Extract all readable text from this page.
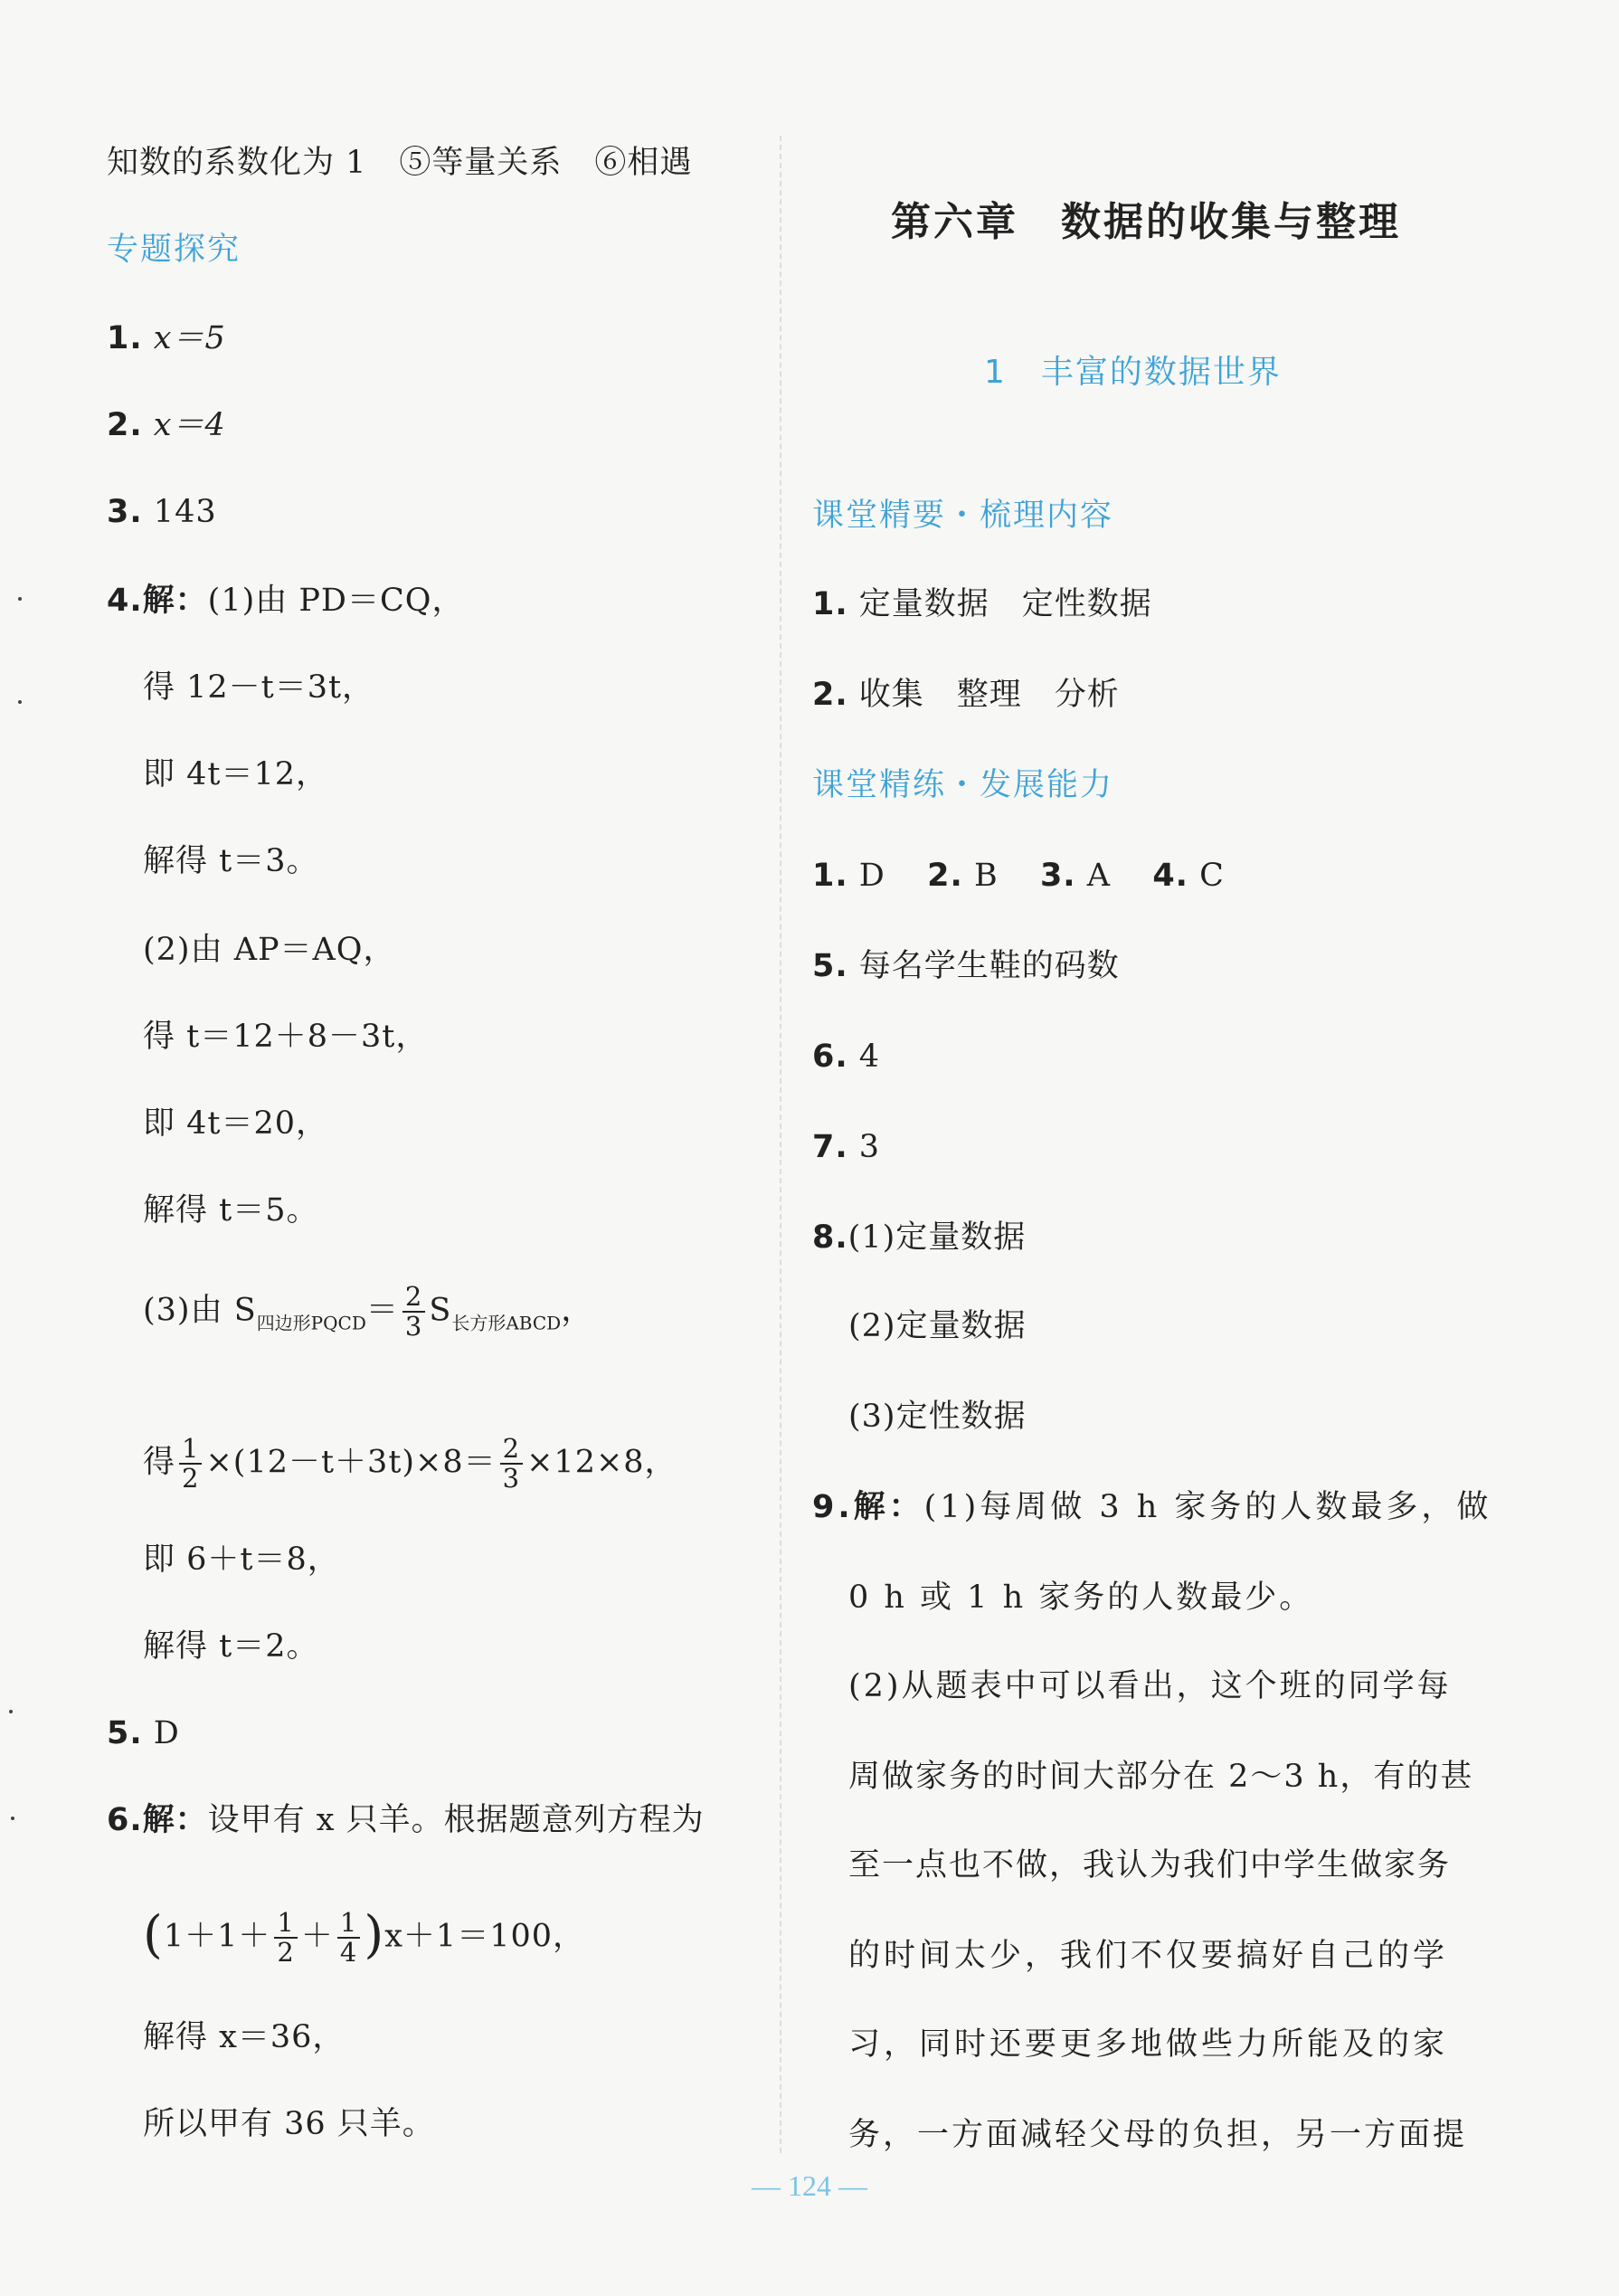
知数的系数化为 1　⑤等量关系　⑥相遇
专题探究
1. x＝5
2. x＝4
3. 143
4.解：(1)由 PD＝CQ，
得 12－t＝3t，
即 4t＝12，
解得 t＝3。
(2)由 AP＝AQ，
得 t＝12＋8－3t，
即 4t＝20，
解得 t＝5。
(3)由 $S_{四边形PQCD}= \frac{2}{3} S_{长方形ABCD}$，
得 $\frac{1}{2} \times(12-t+3t)\times 8= \frac{2}{3} \times 12\times 8$，
即 6＋t＝8，
解得 t＝2。
5. D
6.解：设甲有 x 只羊。根据题意列方程为
$(1+1+ \frac{1}{2} + \frac{1}{4} )x+1=100$，
解得 x＝36，
所以甲有 36 只羊。
第六章　数据的收集与整理
1　丰富的数据世界
课堂精要・梳理内容
1. 定量数据　定性数据
2. 收集　整理　分析
课堂精练・发展能力
1. D 2. B 3. A 4. C
5. 每名学生鞋的码数
6. 4
7. 3
8.(1)定量数据
(2)定量数据
(3)定性数据
9.解：(1)每周做 3 h 家务的人数最多，做
0 h 或 1 h 家务的人数最少。
(2)从题表中可以看出，这个班的同学每
周做家务的时间大部分在 2～3 h，有的甚
至一点也不做，我认为我们中学生做家务
的时间太少，我们不仅要搞好自己的学
习，同时还要更多地做些力所能及的家
务，一方面减轻父母的负担，另一方面提
— 124 —
